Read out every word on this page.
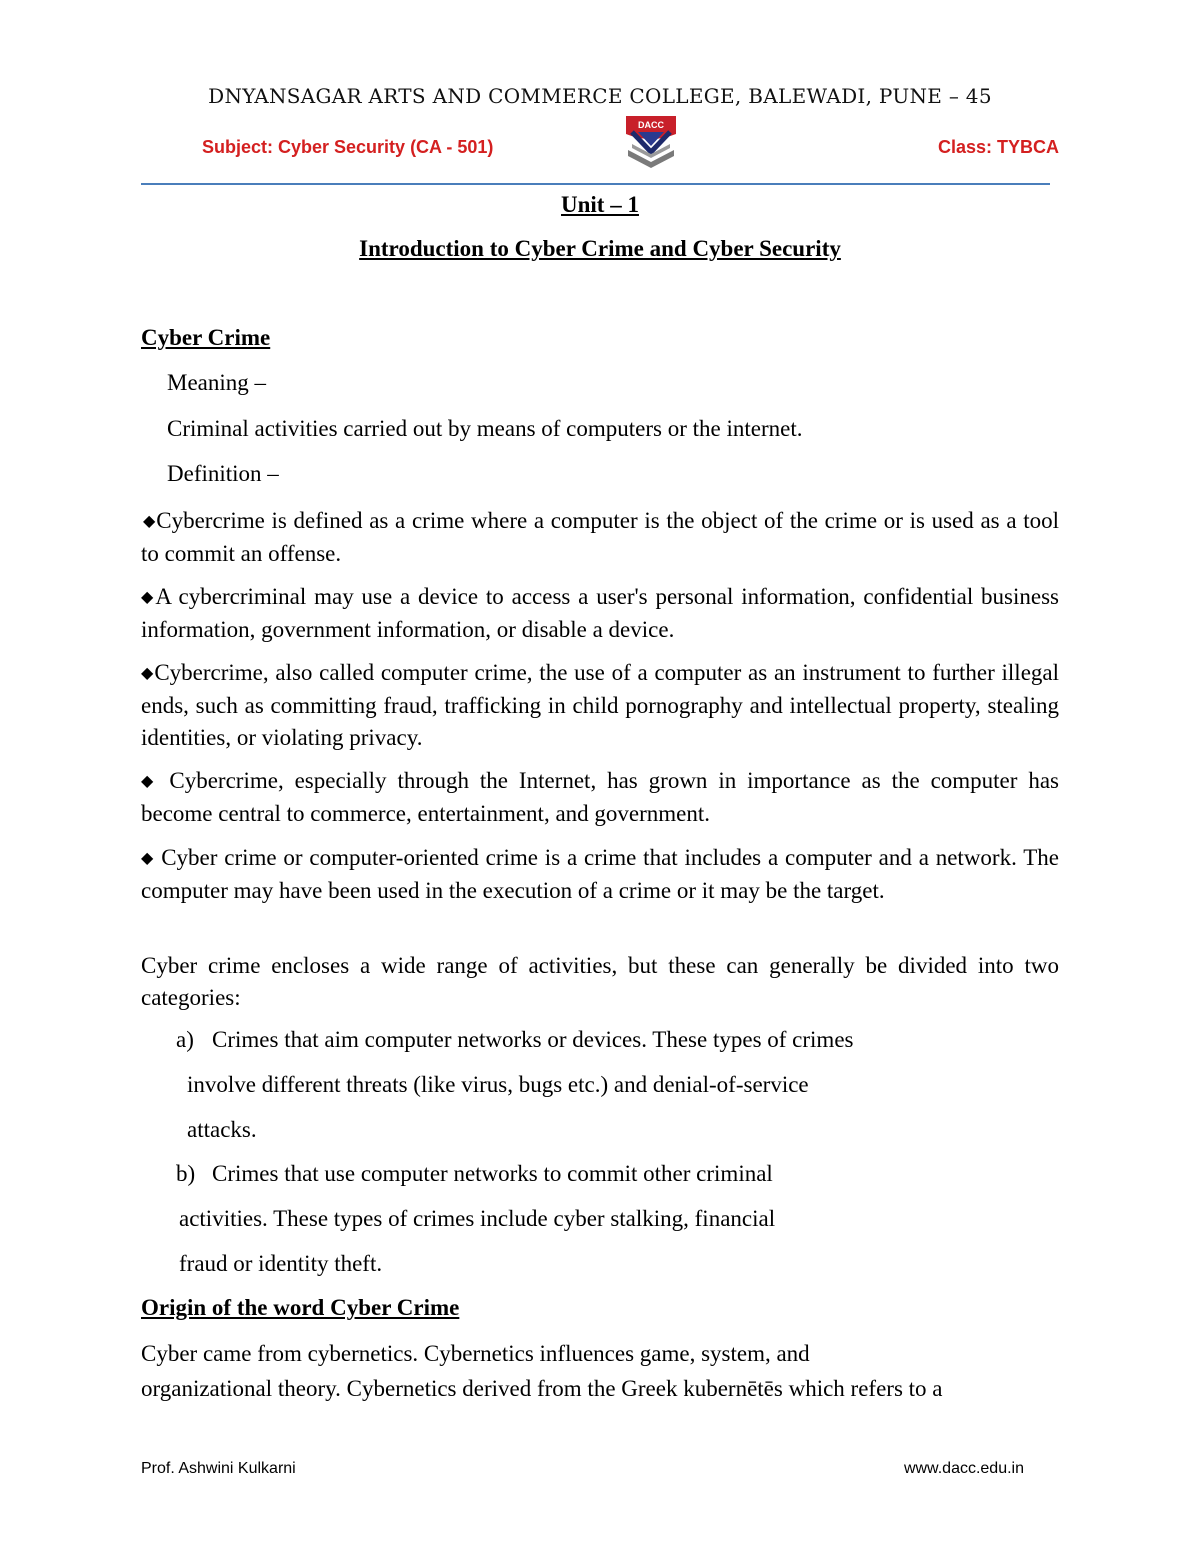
DNYANSAGAR ARTS AND COMMERCE COLLEGE, BALEWADI, PUNE – 45
Subject: Cyber Security (CA - 501)
DACC
Class: TYBCA
Unit – 1
Introduction to Cyber Crime and Cyber Security
Cyber Crime

Meaning –

Criminal activities carried out by means of computers or the internet.

Definition –

◆Cybercrime is defined as a crime where a computer is the object of the crime or is used as a tool to commit an offense.

◆A cybercriminal may use a device to access a user's personal information, confidential business information, government information, or disable a device.

◆Cybercrime, also called computer crime, the use of a computer as an instrument to further illegal ends, such as committing fraud, trafficking in child pornography and intellectual property, stealing identities, or violating privacy.

◆ Cybercrime, especially through the Internet, has grown in importance as the computer has become central to commerce, entertainment, and government.

◆ Cyber crime or computer-oriented crime is a crime that includes a computer and a network. The computer may have been used in the execution of a crime or it may be the target.

Cyber crime encloses a wide range of activities, but these can generally be divided into two categories:

a) Crimes that aim computer networks or devices. These types of crimes

involve different threats (like virus, bugs etc.) and denial-of-service

attacks.

b) Crimes that use computer networks to commit other criminal

activities. These types of crimes include cyber stalking, financial

fraud or identity theft.

Origin of the word Cyber Crime

Cyber came from cybernetics. Cybernetics influences game, system, and

organizational theory. Cybernetics derived from the Greek kubernētēs which refers to a

Prof. Ashwini Kulkarni	www.dacc.edu.in
